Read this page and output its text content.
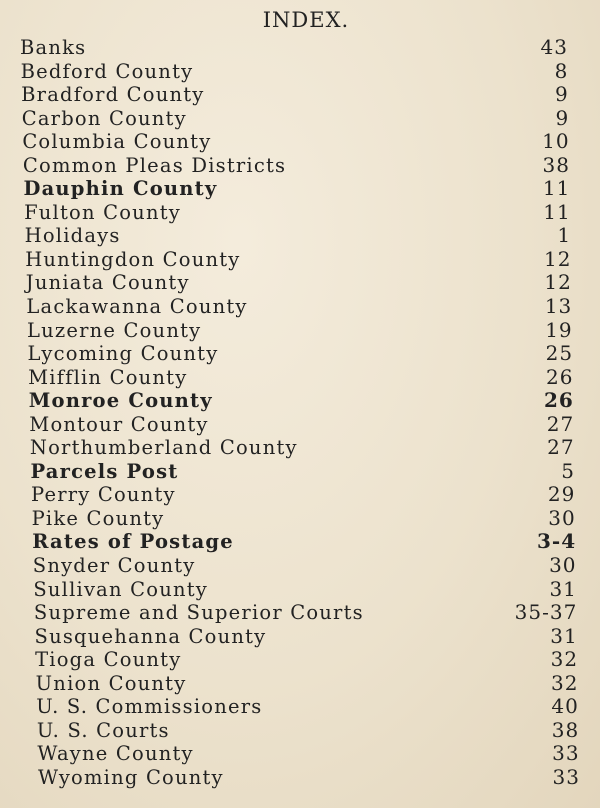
INDEX.
Banks	43
Bedford County	8
Bradford County	9
Carbon County	9
Columbia County	10
Common Pleas Districts	38
Dauphin County	11
Fulton County	11
Holidays	1
Huntingdon County	12
Juniata County	12
Lackawanna County	13
Luzerne County	19
Lycoming County	25
Mifflin County	26
Monroe County	26
Montour County	27
Northumberland County	27
Parcels Post	5
Perry County	29
Pike County	30
Rates of Postage	3-4
Snyder County	30
Sullivan County	31
Supreme and Superior Courts	35-37
Susquehanna County	31
Tioga County	32
Union County	32
U. S. Commissioners	40
U. S. Courts	38
Wayne County	33
Wyoming County	33
